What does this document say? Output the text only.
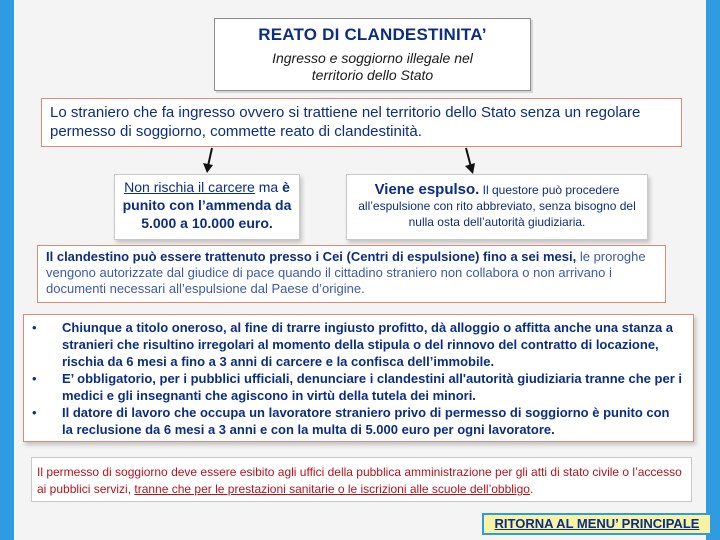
REATO DI CLANDESTINITA’
Ingresso e soggiorno illegale nel territorio dello Stato
Lo straniero che fa ingresso ovvero si trattiene nel territorio dello Stato senza un regolare permesso di soggiorno, commette reato di clandestinità.
Non rischia il carcere ma è punito con l’ammenda da 5.000 a 10.000 euro.
Viene espulso. Il questore può procedere all’espulsione con rito abbreviato, senza bisogno del nulla osta dell’autorità giudiziaria.
Il clandestino può essere trattenuto presso i Cei (Centri di espulsione) fino a sei mesi, le proroghe vengono autorizzate dal giudice di pace quando il cittadino straniero non collabora o non arrivano i documenti necessari all’espulsione dal Paese d’origine.
•	Chiunque a titolo oneroso, al fine di trarre ingiusto profitto, dà alloggio o affitta anche una stanza a stranieri che risultino irregolari al momento della stipula o del rinnovo del contratto di locazione, rischia da 6 mesi a fino a 3 anni di carcere e la confisca dell’immobile.
•	E’ obbligatorio, per i pubblici ufficiali, denunciare i clandestini all'autorità giudiziaria tranne che per i medici e gli insegnanti che agiscono in virtù della tutela dei minori.
•	Il datore di lavoro che occupa un lavoratore straniero privo di permesso di soggiorno è punito con la reclusione da 6 mesi a 3 anni e con la multa di 5.000 euro per ogni lavoratore.
Il permesso di soggiorno deve essere esibito agli uffici della pubblica amministrazione per gli atti di stato civile o l’accesso ai pubblici servizi, tranne che per le prestazioni sanitarie o le iscrizioni alle scuole dell’obbligo.
RITORNA AL MENU’ PRINCIPALE
